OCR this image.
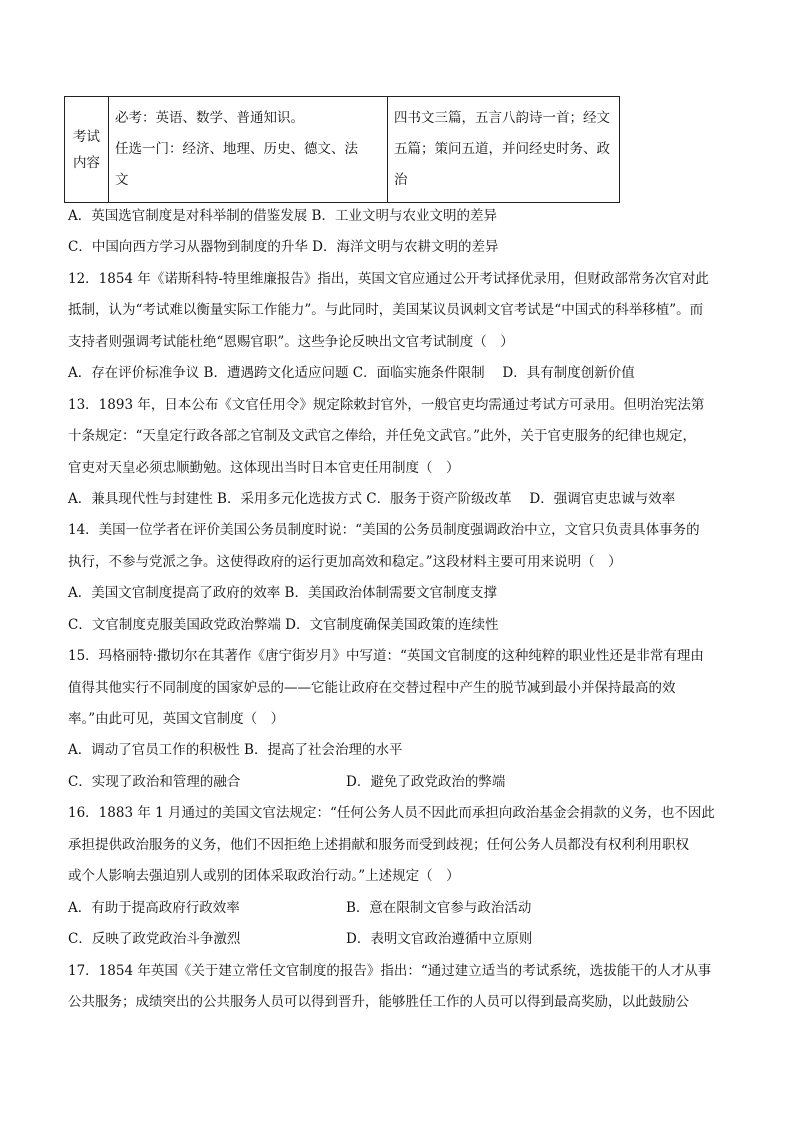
考试
内容

必考：英语、数学、普通知识。
任选一门：经济、地理、历史、德文、法
文

四书文三篇，五言八韵诗一首；经文
五篇；策问五道，并问经史时务、政
治
A．英国选官制度是对科举制的借鉴发展 B．工业文明与农业文明的差异
C．中国向西方学习从器物到制度的升华 D．海洋文明与农耕文明的差异
12．1854 年《诺斯科特-特里维廉报告》指出，英国文官应通过公开考试择优录用，但财政部常务次官对此
抵制，认为“考试难以衡量实际工作能力”。与此同时，美国某议员讽刺文官考试是“中国式的科举移植”。而
支持者则强调考试能杜绝“恩赐官职”。这些争论反映出文官考试制度（　）
A．存在评价标准争议 B．遭遇跨文化适应问题 C．面临实施条件限制　 D．具有制度创新价值
13．1893 年，日本公布《文官任用令》规定除敕封官外，一般官吏均需通过考试方可录用。但明治宪法第
十条规定：“天皇定行政各部之官制及文武官之俸给，并任免文武官。”此外，关于官吏服务的纪律也规定，
官吏对天皇必须忠顺勤勉。这体现出当时日本官吏任用制度（　）
A．兼具现代性与封建性 B．采用多元化选拔方式 C．服务于资产阶级改革　 D．强调官吏忠诚与效率
14．美国一位学者在评价美国公务员制度时说：“美国的公务员制度强调政治中立，文官只负责具体事务的
执行，不参与党派之争。这使得政府的运行更加高效和稳定。”这段材料主要可用来说明（　）
A．美国文官制度提高了政府的效率 B．美国政治体制需要文官制度支撑
C．文官制度克服美国政党政治弊端 D．文官制度确保美国政策的连续性
15．玛格丽特·撒切尔在其著作《唐宁街岁月》中写道：“英国文官制度的这种纯粹的职业性还是非常有理由
值得其他实行不同制度的国家妒忌的——它能让政府在交替过程中产生的脱节减到最小并保持最高的效
率。”由此可见，英国文官制度（　）
A．调动了官员工作的积极性 B．提高了社会治理的水平
C．实现了政治和管理的融合	D．避免了政党政治的弊端
16．1883 年 1 月通过的美国文官法规定：“任何公务人员不因此而承担向政治基金会捐款的义务，也不因此
承担提供政治服务的义务，他们不因拒绝上述捐献和服务而受到歧视；任何公务人员都没有权利利用职权
或个人影响去强迫别人或别的团体采取政治行动。”上述规定（　）
A．有助于提高政府行政效率	B．意在限制文官参与政治活动
C．反映了政党政治斗争激烈	D．表明文官政治遵循中立原则
17．1854 年英国《关于建立常任文官制度的报告》指出：“通过建立适当的考试系统，选拔能干的人才从事
公共服务；成绩突出的公共服务人员可以得到晋升，能够胜任工作的人员可以得到最高奖励，以此鼓励公
